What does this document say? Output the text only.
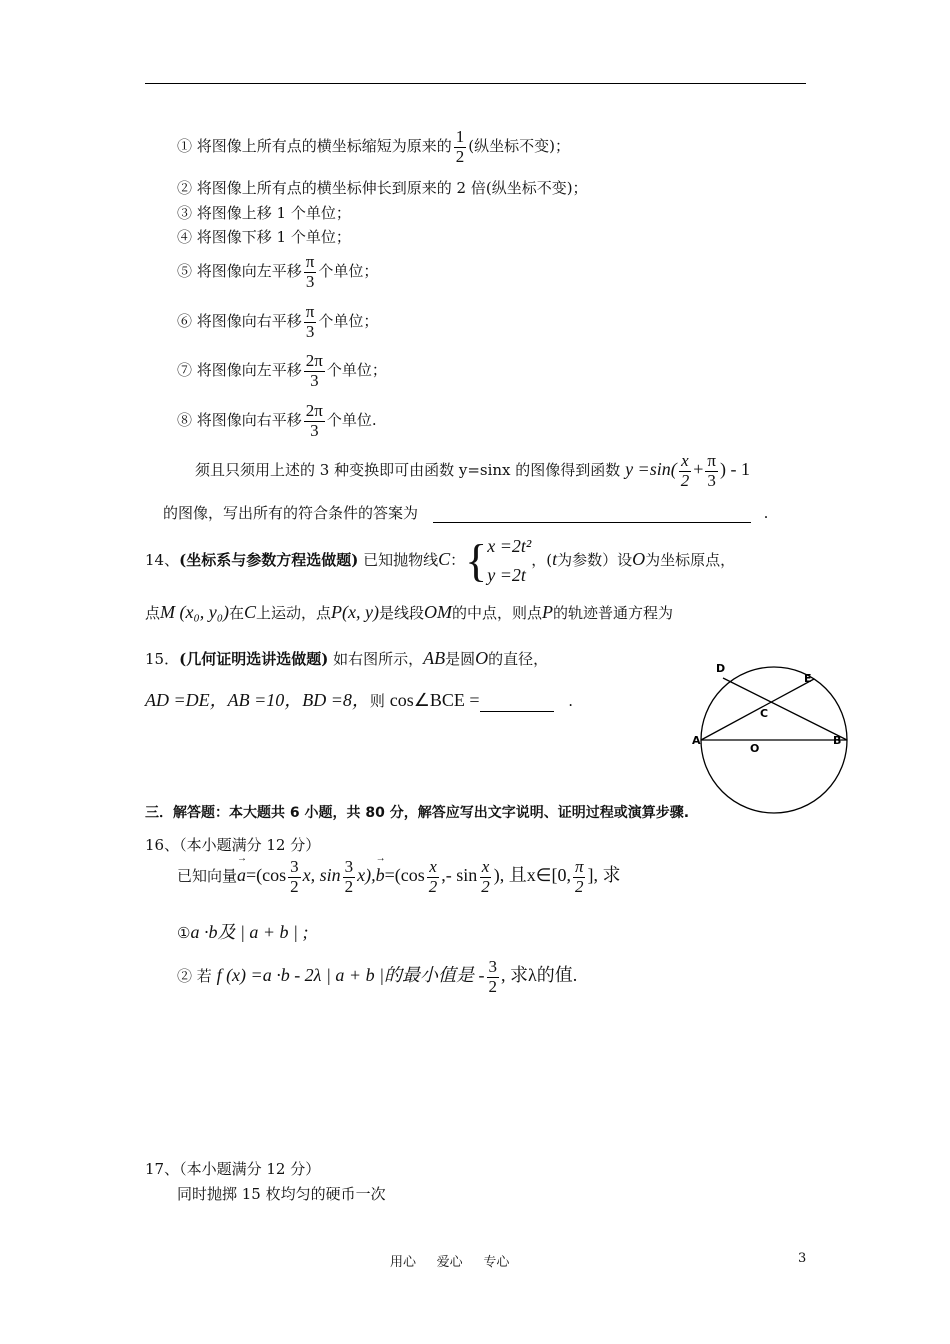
① 将图像上所有点的横坐标缩短为原来的 $\frac{1}{2}$ (纵坐标不变)；
② 将图像上所有点的横坐标伸长到原来的 2 倍(纵坐标不变)；
③ 将图像上移 1 个单位；
④ 将图像下移 1 个单位；
⑤ 将图像向左平移 $\frac{\pi}{3}$ 个单位；
⑥ 将图像向右平移 $\frac{\pi}{3}$ 个单位；
⑦ 将图像向左平移 $\frac{2\pi}{3}$ 个单位；
⑧ 将图像向右平移 $\frac{2\pi}{3}$ 个单位.
须且只须用上述的 3 种变换即可由函数 y=sinx 的图像得到函数 $y =\sin( \frac{x}{2} + \frac{\pi}{3}$ ) - 1
的图像，写出所有的符合条件的答案为	.
14、(坐标系与参数方程选做题) 已知抛物线C：{ x =2t²
y =2t
，(t为参数）设O为坐标原点，
点M (x₀, y₀)在C上运动，点P(x, y)是线段OM的中点，则点P的轨迹普通方程为
15．(几何证明选讲选做题) 如右图所示，AB是圆O的直径，
AD =DE，AB =10，BD =8，则 cos∠BCE =	.
D
E
C
A
O
B
三．解答题：本大题共 6 小题，共 80 分，解答应写出文字说明、证明过程或演算步骤.
16、（本小题满分 12 分）
已知向量→ $a=(\cos \frac{3}{2} x$, $\sin \frac{3}{2} x),\to b=(\cos \frac{x}{2}$ ,- $\sin \frac{x}{2}$ ), 且x∈[0, $\frac{\pi}{2}$ ], 求
①a ·b及 | a + b | ;
② 若 f (x) =a ·b - 2λ | a + b |的最小值是 - $\frac{3}{2}$ , 求λ的值.
17、（本小题满分 12 分）
同时抛掷 15 枚均匀的硬币一次
用心     爱心     专心	3
